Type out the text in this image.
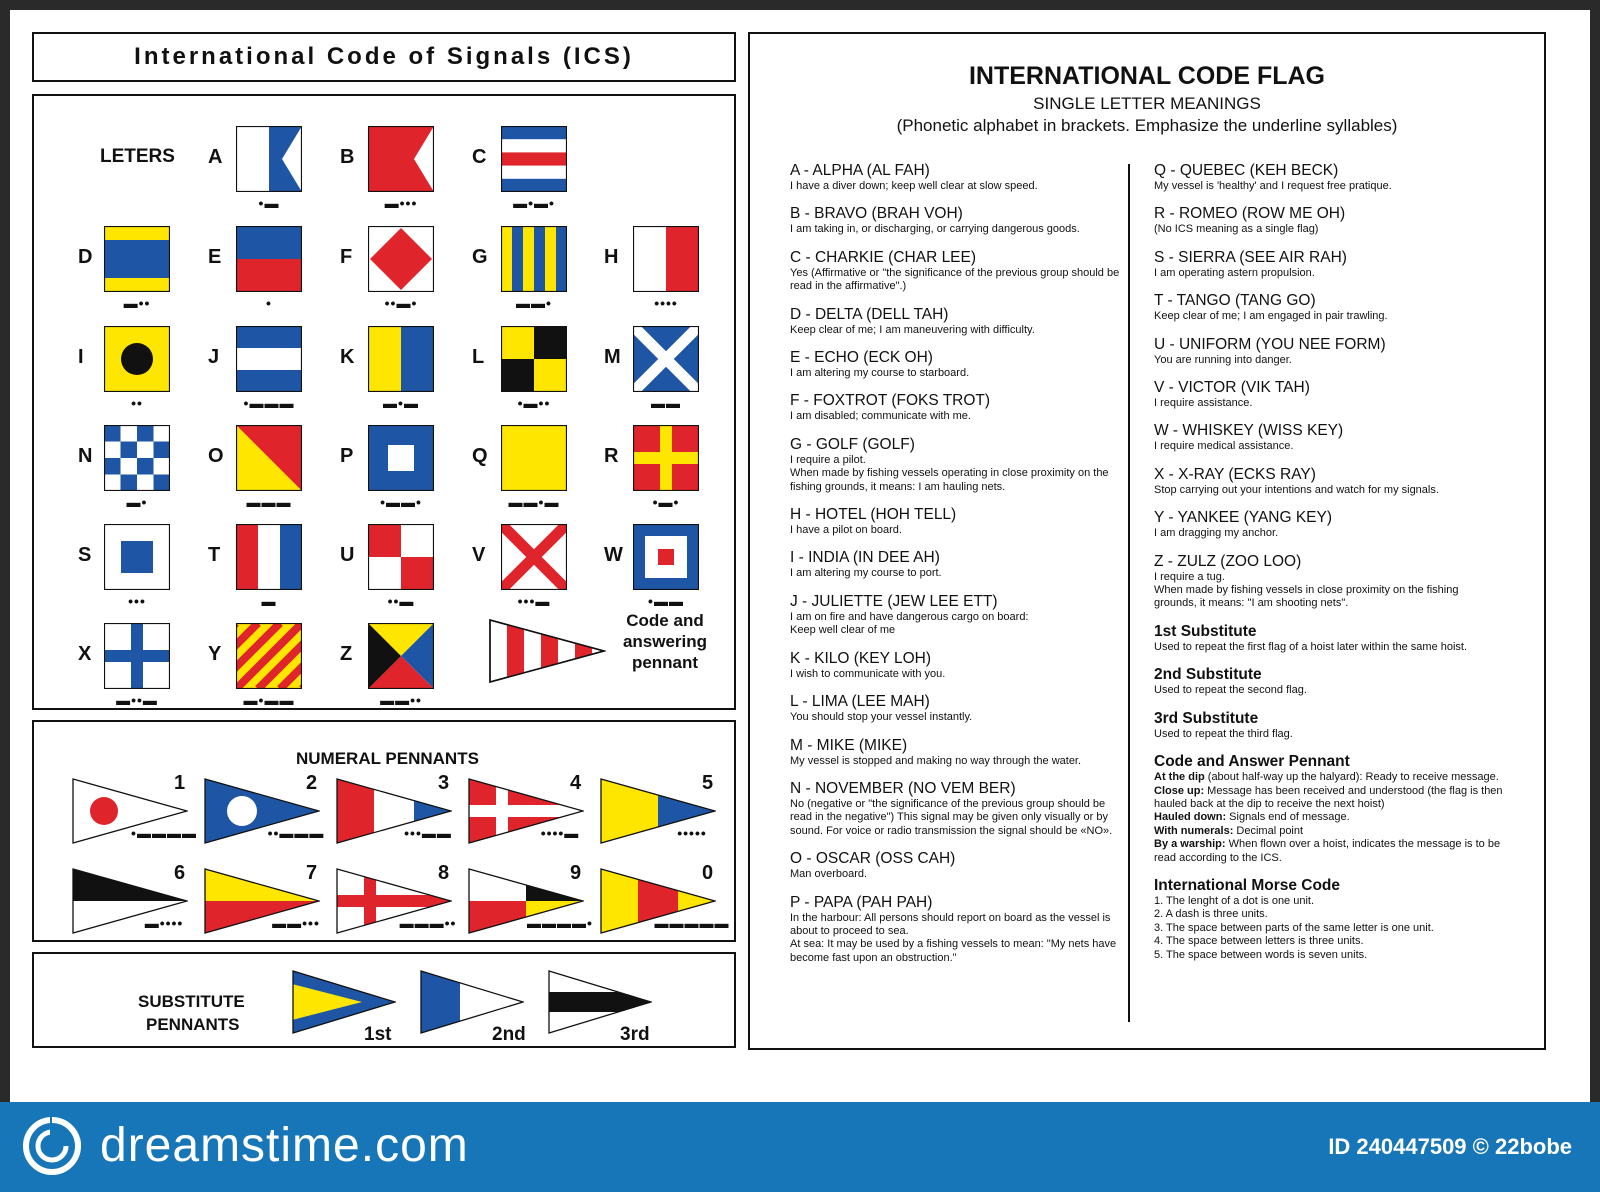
International Code of Signals (ICS)
LETERS A
•▬
B
▬•••
C
▬•▬•
D
▬••
E
•
F
••▬•
G
▬▬•
H
••••
I
••
J
•▬▬▬
K
▬•▬
L
•▬••
M
▬▬
N
▬•
O
▬▬▬
P
•▬▬•
Q
▬▬•▬
R
•▬•
S
•••
T
▬
U
••▬
V
•••▬
W
•▬▬
X
▬••▬
Y
▬•▬▬
Z
▬▬••
Code and answering pennant
NUMERAL PENNANTS
1
•▬▬▬▬
2
••▬▬▬
3
•••▬▬
4
••••▬
5
•••••
6
▬••••
7
▬▬•••
8
▬▬▬••
9
▬▬▬▬•
0
▬▬▬▬▬
SUBSTITUTE
PENNANTS	1st	2nd	3rd
INTERNATIONAL CODE FLAG
SINGLE LETTER MEANINGS
(Phonetic alphabet in brackets. Emphasize the underline syllables)
A - ALPHA (AL FAH)
I have a diver down; keep well clear at slow speed.
B - BRAVO (BRAH VOH)
I am taking in, or discharging, or carrying dangerous goods.
C - CHARKIE (CHAR LEE)
Yes (Affirmative or "the significance of the previous group should be read in the affirmative".)
D - DELTA (DELL TAH)
Keep clear of me; I am maneuvering with difficulty.
E - ECHO (ECK OH)
I am altering my course to starboard.
F - FOXTROT (FOKS TROT)
I am disabled; communicate with me.
G - GOLF (GOLF)
I require a pilot.
When made by fishing vessels operating in close proximity on the fishing grounds, it means: I am hauling nets.
H - HOTEL (HOH TELL)
I have a pilot on board.
I - INDIA (IN DEE AH)
I am altering my course to port.
J - JULIETTE (JEW LEE ETT)
I am on fire and have dangerous cargo on board:
Keep well clear of me
K - KILO (KEY LOH)
I wish to communicate with you.
L - LIMA (LEE MAH)
You should stop your vessel instantly.
M - MIKE (MIKE)
My vessel is stopped and making no way through the water.
N - NOVEMBER (NO VEM BER)
No (negative or "the significance of the previous group should be read in the negative") This signal may be given only visually or by sound. For voice or radio transmission the signal should be «NO».
O - OSCAR (OSS CAH)
Man overboard.
P - PAPA (PAH PAH)
In the harbour: All persons should report on board as the vessel is about to proceed to sea.
At sea: It may be used by a fishing vessels to mean: "My nets have become fast upon an obstruction."
Q - QUEBEC (KEH BECK)
My vessel is 'healthy' and I request free pratique.
R - ROMEO (ROW ME OH)
(No ICS meaning as a single flag)
S - SIERRA (SEE AIR RAH)
I am operating astern propulsion.
T - TANGO (TANG GO)
Keep clear of me; I am engaged in pair trawling.
U - UNIFORM (YOU NEE FORM)
You are running into danger.
V - VICTOR (VIK TAH)
I require assistance.
W - WHISKEY (WISS KEY)
I require medical assistance.
X - X-RAY (ECKS RAY)
Stop carrying out your intentions and watch for my signals.
Y - YANKEE (YANG KEY)
I am dragging my anchor.
Z - ZULZ (ZOO LOO)
I require a tug.
When made by fishing vessels in close proximity on the fishing grounds, it means: "I am shooting nets".
1st Substitute
Used to repeat the first flag of a hoist later within the same hoist.
2nd Substitute
Used to repeat the second flag.
3rd Substitute
Used to repeat the third flag.
Code and Answer Pennant
At the dip (about half-way up the halyard): Ready to receive message.
Close up: Message has been received and understood (the flag is then hauled back at the dip to receive the next hoist)
Hauled down: Signals end of message.
With numerals: Decimal point
By a warship: When flown over a hoist, indicates the message is to be read according to the ICS.
International Morse Code
1. The lenght of a dot is one unit.
2. A dash is three units.
3. The space between parts of the same letter is one unit.
4. The space between letters is three units.
5. The space between words is seven units.
dreamstime.com	ID 240447509 © 22bobe
